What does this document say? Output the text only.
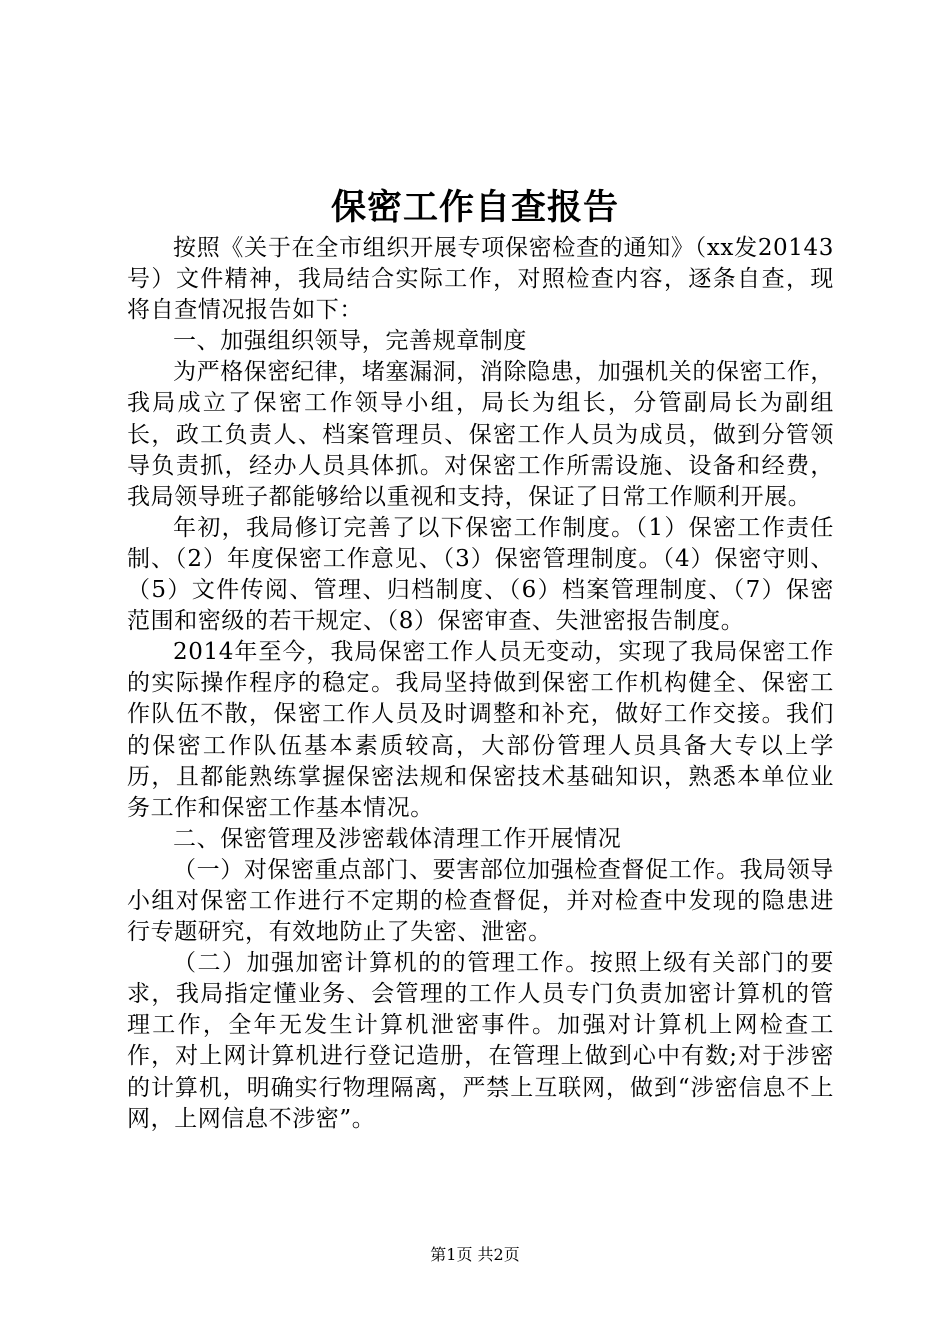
保密工作自查报告

按照《关于在全市组织开展专项保密检查的通知》（xx发20143号）文件精神，我局结合实际工作，对照检查内容，逐条自查，现将自查情况报告如下：

一、加强组织领导，完善规章制度

为严格保密纪律，堵塞漏洞，消除隐患，加强机关的保密工作，我局成立了保密工作领导小组，局长为组长，分管副局长为副组长，政工负责人、档案管理员、保密工作人员为成员，做到分管领导负责抓，经办人员具体抓。对保密工作所需设施、设备和经费，我局领导班子都能够给以重视和支持，保证了日常工作顺利开展。

年初，我局修订完善了以下保密工作制度。（1）保密工作责任制、（2）年度保密工作意见、（3）保密管理制度。（4）保密守则、（5）文件传阅、管理、归档制度、（6）档案管理制度、（7）保密范围和密级的若干规定、（8）保密审查、失泄密报告制度。

2014年至今，我局保密工作人员无变动，实现了我局保密工作的实际操作程序的稳定。我局坚持做到保密工作机构健全、保密工作队伍不散，保密工作人员及时调整和补充，做好工作交接。我们的保密工作队伍基本素质较高，大部份管理人员具备大专以上学历，且都能熟练掌握保密法规和保密技术基础知识，熟悉本单位业务工作和保密工作基本情况。

二、保密管理及涉密载体清理工作开展情况

（一）对保密重点部门、要害部位加强检查督促工作。我局领导小组对保密工作进行不定期的检查督促，并对检查中发现的隐患进行专题研究，有效地防止了失密、泄密。

（二）加强加密计算机的的管理工作。按照上级有关部门的要求，我局指定懂业务、会管理的工作人员专门负责加密计算机的管理工作，全年无发生计算机泄密事件。加强对计算机上网检查工作，对上网计算机进行登记造册，在管理上做到心中有数;对于涉密的计算机，明确实行物理隔离，严禁上互联网，做到“涉密信息不上网，上网信息不涉密”。

第1页 共2页
